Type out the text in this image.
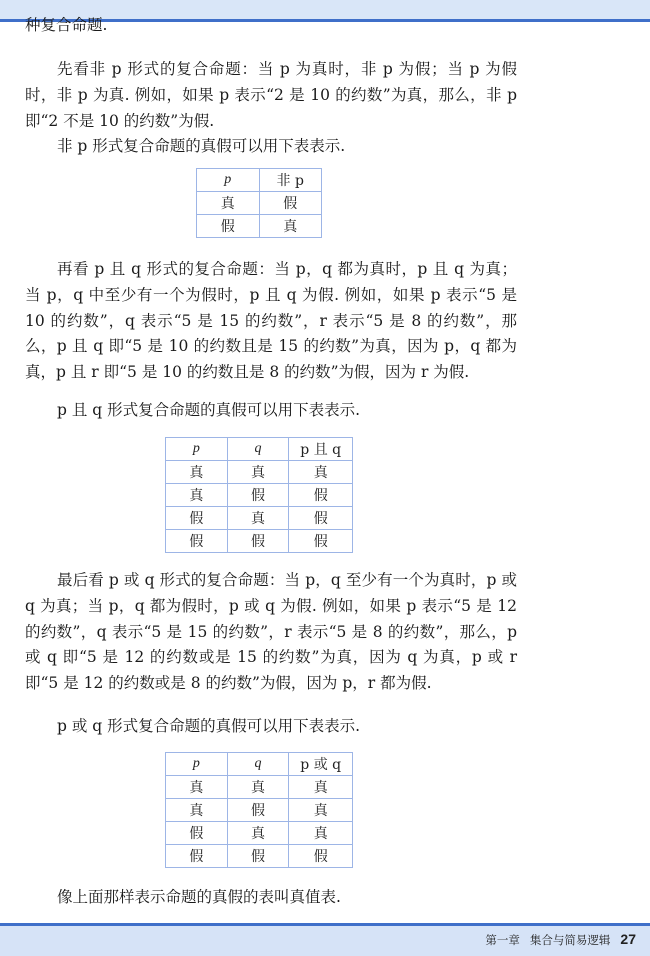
种复合命题.

先看非 p 形式的复合命题：当 p 为真时，非 p 为假；当 p 为假时，非 p 为真. 例如，如果 p 表示“2 是 10 的约数”为真，那么，非 p 即“2 不是 10 的约数”为假.

非 p 形式复合命题的真假可以用下表表示.

p	非 p
真	假
假	真

再看 p 且 q 形式的复合命题：当 p，q 都为真时，p 且 q 为真；当 p，q 中至少有一个为假时，p 且 q 为假. 例如，如果 p 表示“5 是 10 的约数”，q 表示“5 是 15 的约数”，r 表示“5 是 8 的约数”，那么，p 且 q 即“5 是 10 的约数且是 15 的约数”为真，因为 p，q 都为真，p 且 r 即“5 是 10 的约数且是 8 的约数”为假，因为 r 为假.

p 且 q 形式复合命题的真假可以用下表表示.

p	q	p 且 q
真	真	真
真	假	假
假	真	假
假	假	假

最后看 p 或 q 形式的复合命题：当 p，q 至少有一个为真时，p 或 q 为真；当 p，q 都为假时，p 或 q 为假. 例如，如果 p 表示“5 是 12 的约数”，q 表示“5 是 15 的约数”，r 表示“5 是 8 的约数”，那么，p 或 q 即“5 是 12 的约数或是 15 的约数”为真，因为 q 为真，p 或 r 即“5 是 12 的约数或是 8 的约数”为假，因为 p，r 都为假.

p 或 q 形式复合命题的真假可以用下表表示.

p	q	p 或 q
真	真	真
真	假	真
假	真	真
假	假	假

像上面那样表示命题的真假的表叫真值表.

第一章 集合与简易逻辑 27
